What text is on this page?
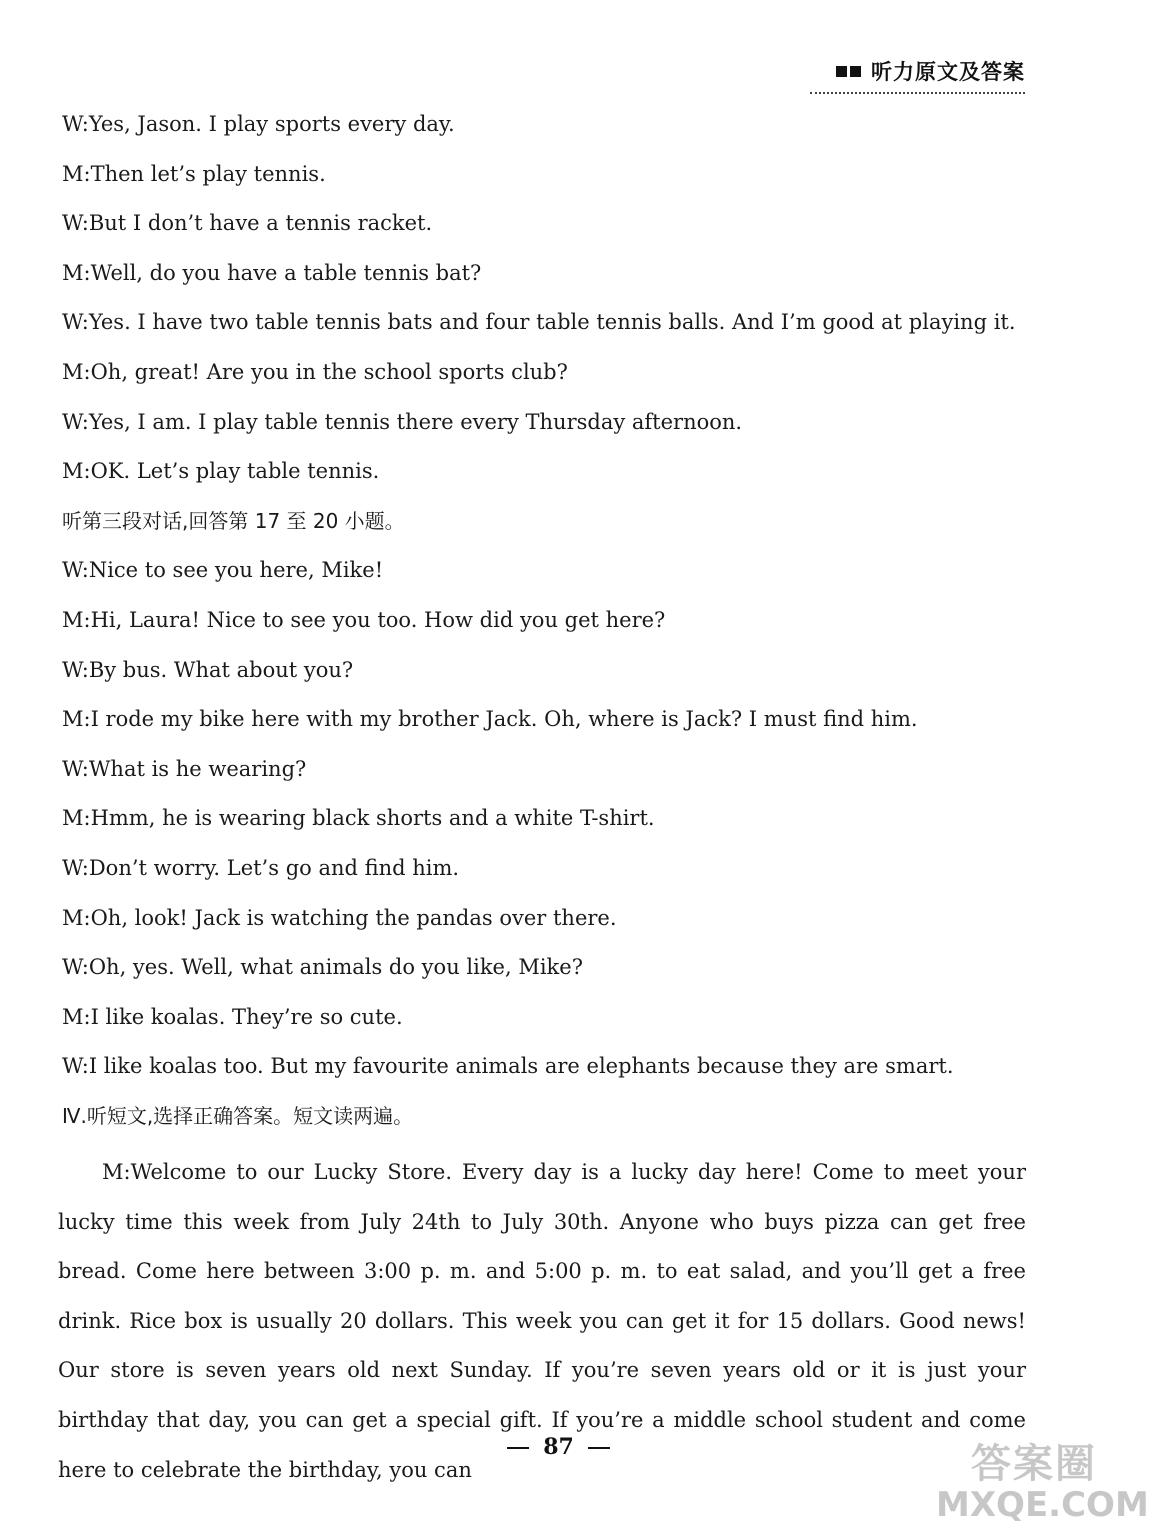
听力原文及答案
W:Yes, Jason. I play sports every day.
M:Then let’s play tennis.
W:But I don’t have a tennis racket.
M:Well, do you have a table tennis bat?
W:Yes. I have two table tennis bats and four table tennis balls. And I’m good at playing it.
M:Oh, great! Are you in the school sports club?
W:Yes, I am. I play table tennis there every Thursday afternoon.
M:OK. Let’s play table tennis.
听第三段对话,回答第 17 至 20 小题。
W:Nice to see you here, Mike!
M:Hi, Laura! Nice to see you too. How did you get here?
W:By bus. What about you?
M:I rode my bike here with my brother Jack. Oh, where is Jack? I must find him.
W:What is he wearing?
M:Hmm, he is wearing black shorts and a white T-shirt.
W:Don’t worry. Let’s go and find him.
M:Oh, look! Jack is watching the pandas over there.
W:Oh, yes. Well, what animals do you like, Mike?
M:I like koalas. They’re so cute.
W:I like koalas too. But my favourite animals are elephants because they are smart.
Ⅳ.听短文,选择正确答案。短文读两遍。
M:Welcome to our Lucky Store. Every day is a lucky day here! Come to meet your lucky time this week from July 24th to July 30th. Anyone who buys pizza can get free bread. Come here between 3:00 p. m. and 5:00 p. m. to eat salad, and you’ll get a free drink. Rice box is usually 20 dollars. This week you can get it for 15 dollars. Good news! Our store is seven years old next Sunday. If you’re seven years old or it is just your birthday that day, you can get a special gift. If you’re a middle school student and come here to celebrate the birthday, you can
87	答案圈
MXQE.COM
